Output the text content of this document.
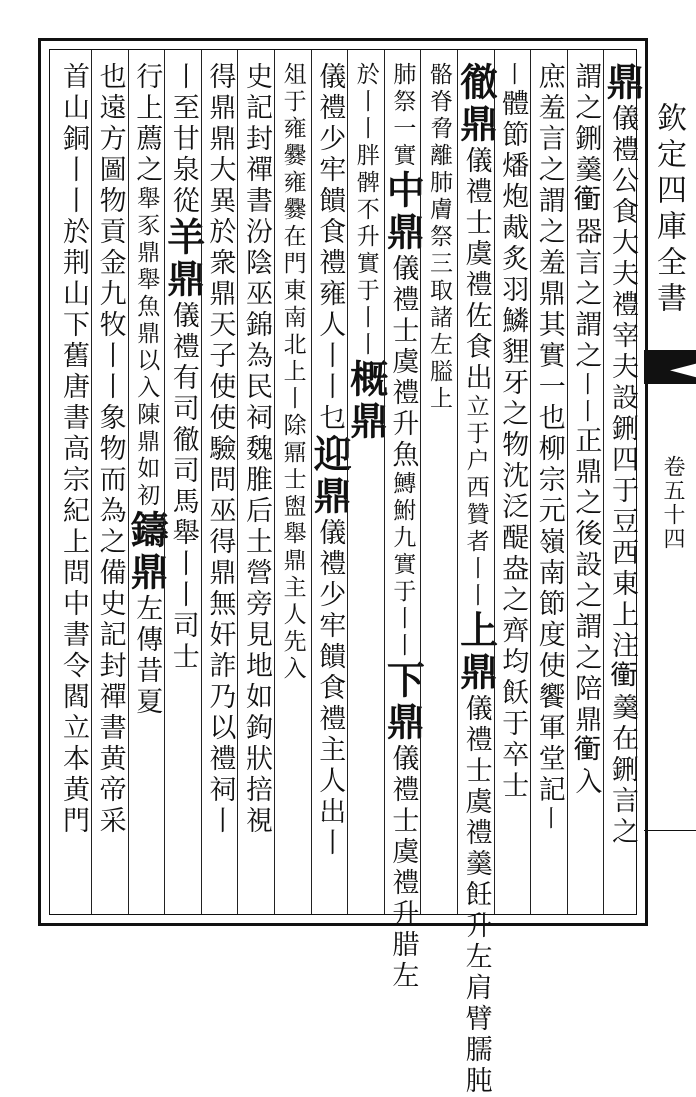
欽定四庫全書
卷五十四
鼎儀禮公食大夫禮宰夫設鉶四于豆西東上注𧘂羹在鉶言之
謂之鉶羹𧘂器言之謂之丨丨正鼎之後設之謂之陪鼎𧘂入
庶羞言之謂之羞鼎其實一也柳宗元嶺南節度使饗軍堂記丨
丨體節燔炮胾炙羽鱗貍牙之物沈泛醍盎之齊均飫于卒士
徹鼎儀禮士虞禮佐食出立于户西贊者丨丨上鼎儀禮士虞禮羹飪升左肩臂臑肫
骼脊脅離肺膚祭三取諸左膉上
肺祭一實中鼎儀禮士虞禮升魚鱄鮒九實于丨丨下鼎儀禮士虞禮升腊左
於丨丨胖髀不升實于丨丨概鼎
儀禮少牢饋食禮雍人丨丨乜迎鼎儀禮少牢饋食禮主人出丨
俎于雍爨雍爨在門東南北上丨除鼏士盥舉鼎主人先入
史記封禪書汾陰巫錦為民祠魏脽后土營旁見地如鉤狀掊視
得鼎鼎大異於衆鼎天子使使驗問巫得鼎無奸詐乃以禮祠丨
丨至甘泉從羊鼎儀禮有司徹司馬舉丨丨司士
行上薦之舉豕鼎舉魚鼎以入陳鼎如初鑄鼎左傳昔夏
也遠方圖物貢金九牧丨丨象物而為之備史記封禪書黄帝采
首山銅丨丨於荆山下舊唐書高宗紀上問中書令閻立本黄門
